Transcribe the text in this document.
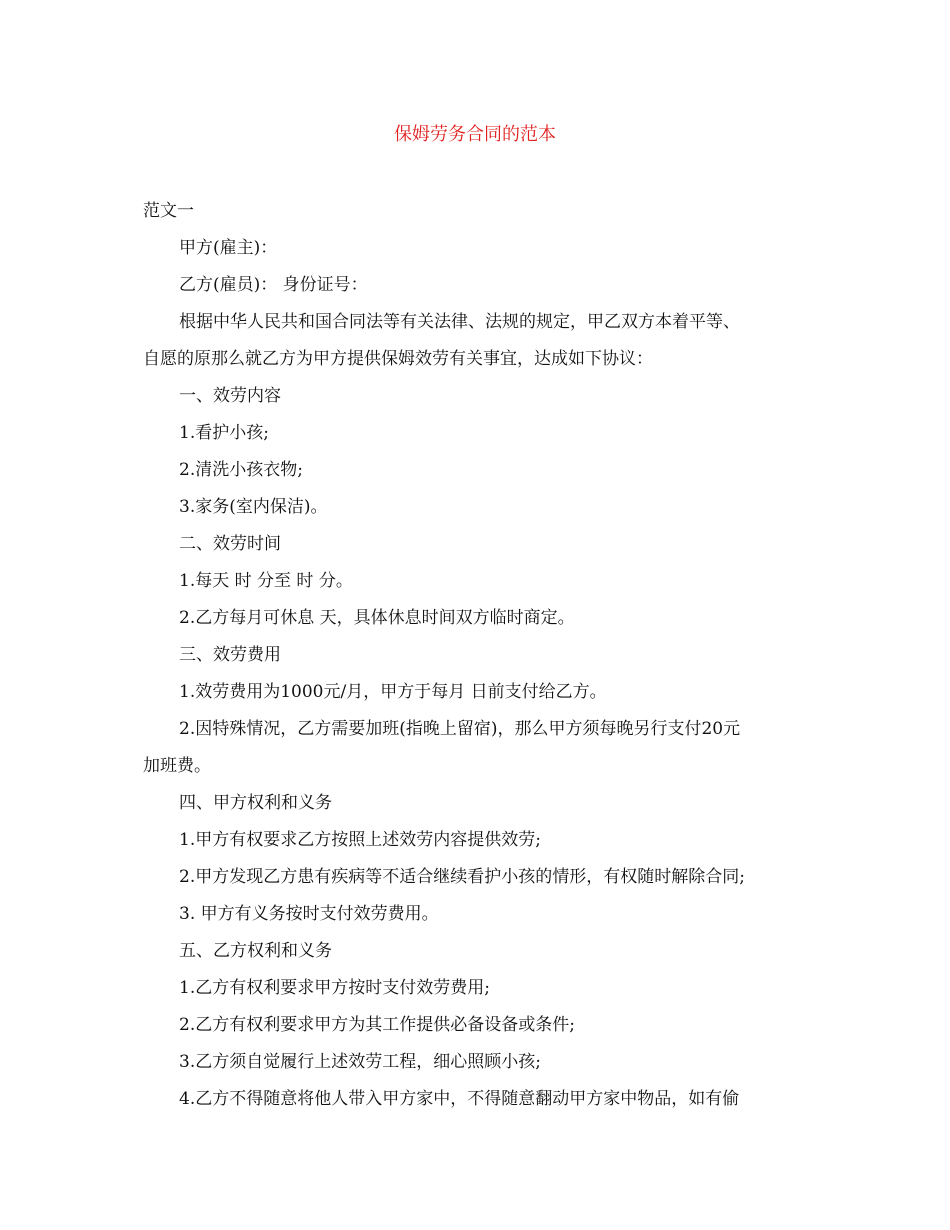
保姆劳务合同的范本
范文一
甲方(雇主)：
乙方(雇员)： 身份证号：
根据中华人民共和国合同法等有关法律、法规的规定，甲乙双方本着平等、
自愿的原那么就乙方为甲方提供保姆效劳有关事宜，达成如下协议：
一、效劳内容
1.看护小孩;
2.清洗小孩衣物;
3.家务(室内保洁)。
二、效劳时间
1.每天 时 分至 时 分。
2.乙方每月可休息 天，具体休息时间双方临时商定。
三、效劳费用
1.效劳费用为1000元/月，甲方于每月 日前支付给乙方。
2.因特殊情况，乙方需要加班(指晚上留宿)，那么甲方须每晚另行支付20元
加班费。
四、甲方权利和义务
1.甲方有权要求乙方按照上述效劳内容提供效劳;
2.甲方发现乙方患有疾病等不适合继续看护小孩的情形，有权随时解除合同;
3. 甲方有义务按时支付效劳费用。
五、乙方权利和义务
1.乙方有权利要求甲方按时支付效劳费用;
2.乙方有权利要求甲方为其工作提供必备设备或条件;
3.乙方须自觉履行上述效劳工程，细心照顾小孩;
4.乙方不得随意将他人带入甲方家中，不得随意翻动甲方家中物品，如有偷
